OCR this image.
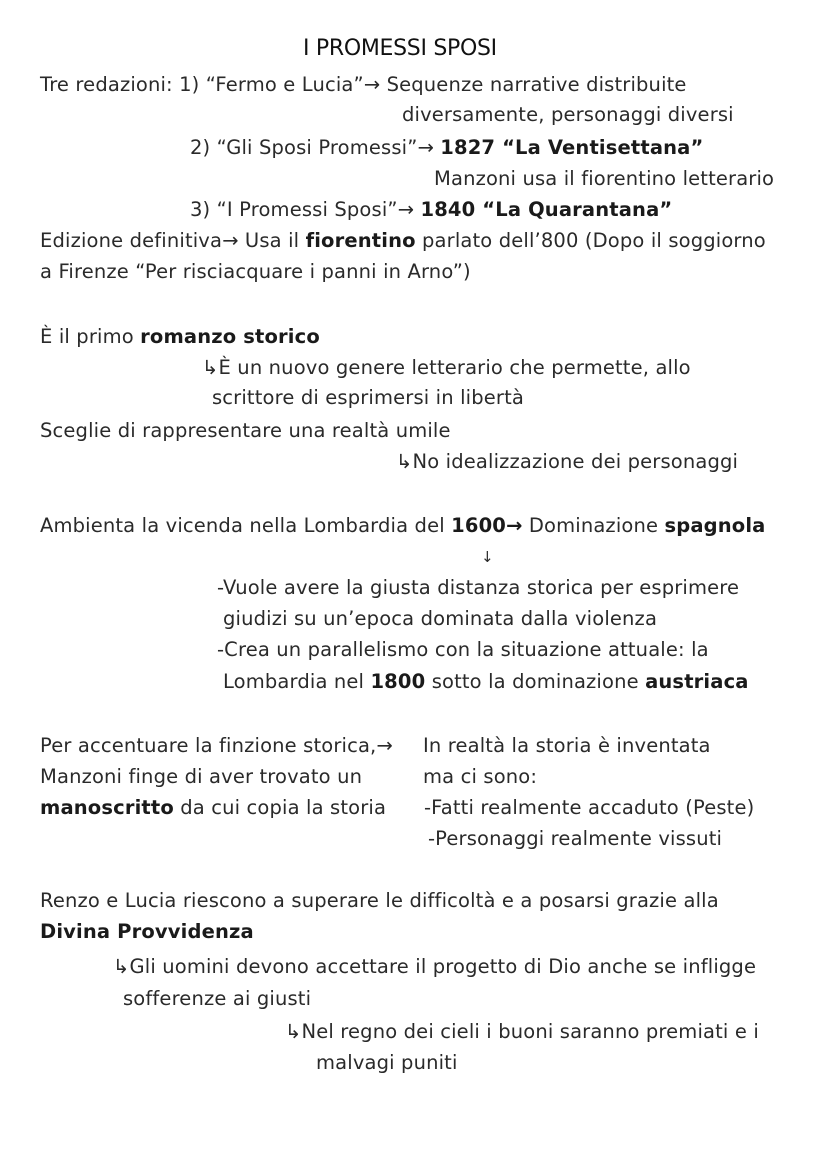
I PROMESSI SPOSI
Tre redazioni: 1) “Fermo e Lucia”→ Sequenze narrative distribuite
diversamente, personaggi diversi
2) “Gli Sposi Promessi”→ 1827 “La Ventisettana”
Manzoni usa il fiorentino letterario
3) “I Promessi Sposi”→ 1840 “La Quarantana”
Edizione definitiva→ Usa il fiorentino parlato dell’800 (Dopo il soggiorno
a Firenze “Per risciacquare i panni in Arno”)
È il primo romanzo storico
↳È un nuovo genere letterario che permette, allo
scrittore di esprimersi in libertà
Sceglie di rappresentare una realtà umile
↳No idealizzazione dei personaggi
Ambienta la vicenda nella Lombardia del 1600→ Dominazione spagnola
↓
-Vuole avere la giusta distanza storica per esprimere
giudizi su un’epoca dominata dalla violenza
-Crea un parallelismo con la situazione attuale: la
Lombardia nel 1800 sotto la dominazione austriaca
Per accentuare la finzione storica,→
Manzoni finge di aver trovato un
manoscritto da cui copia la storia
In realtà la storia è inventata
ma ci sono:
-Fatti realmente accaduto (Peste)
-Personaggi realmente vissuti
Renzo e Lucia riescono a superare le difficoltà e a posarsi grazie alla
Divina Provvidenza
↳Gli uomini devono accettare il progetto di Dio anche se infligge
sofferenze ai giusti
↳Nel regno dei cieli i buoni saranno premiati e i
malvagi puniti
